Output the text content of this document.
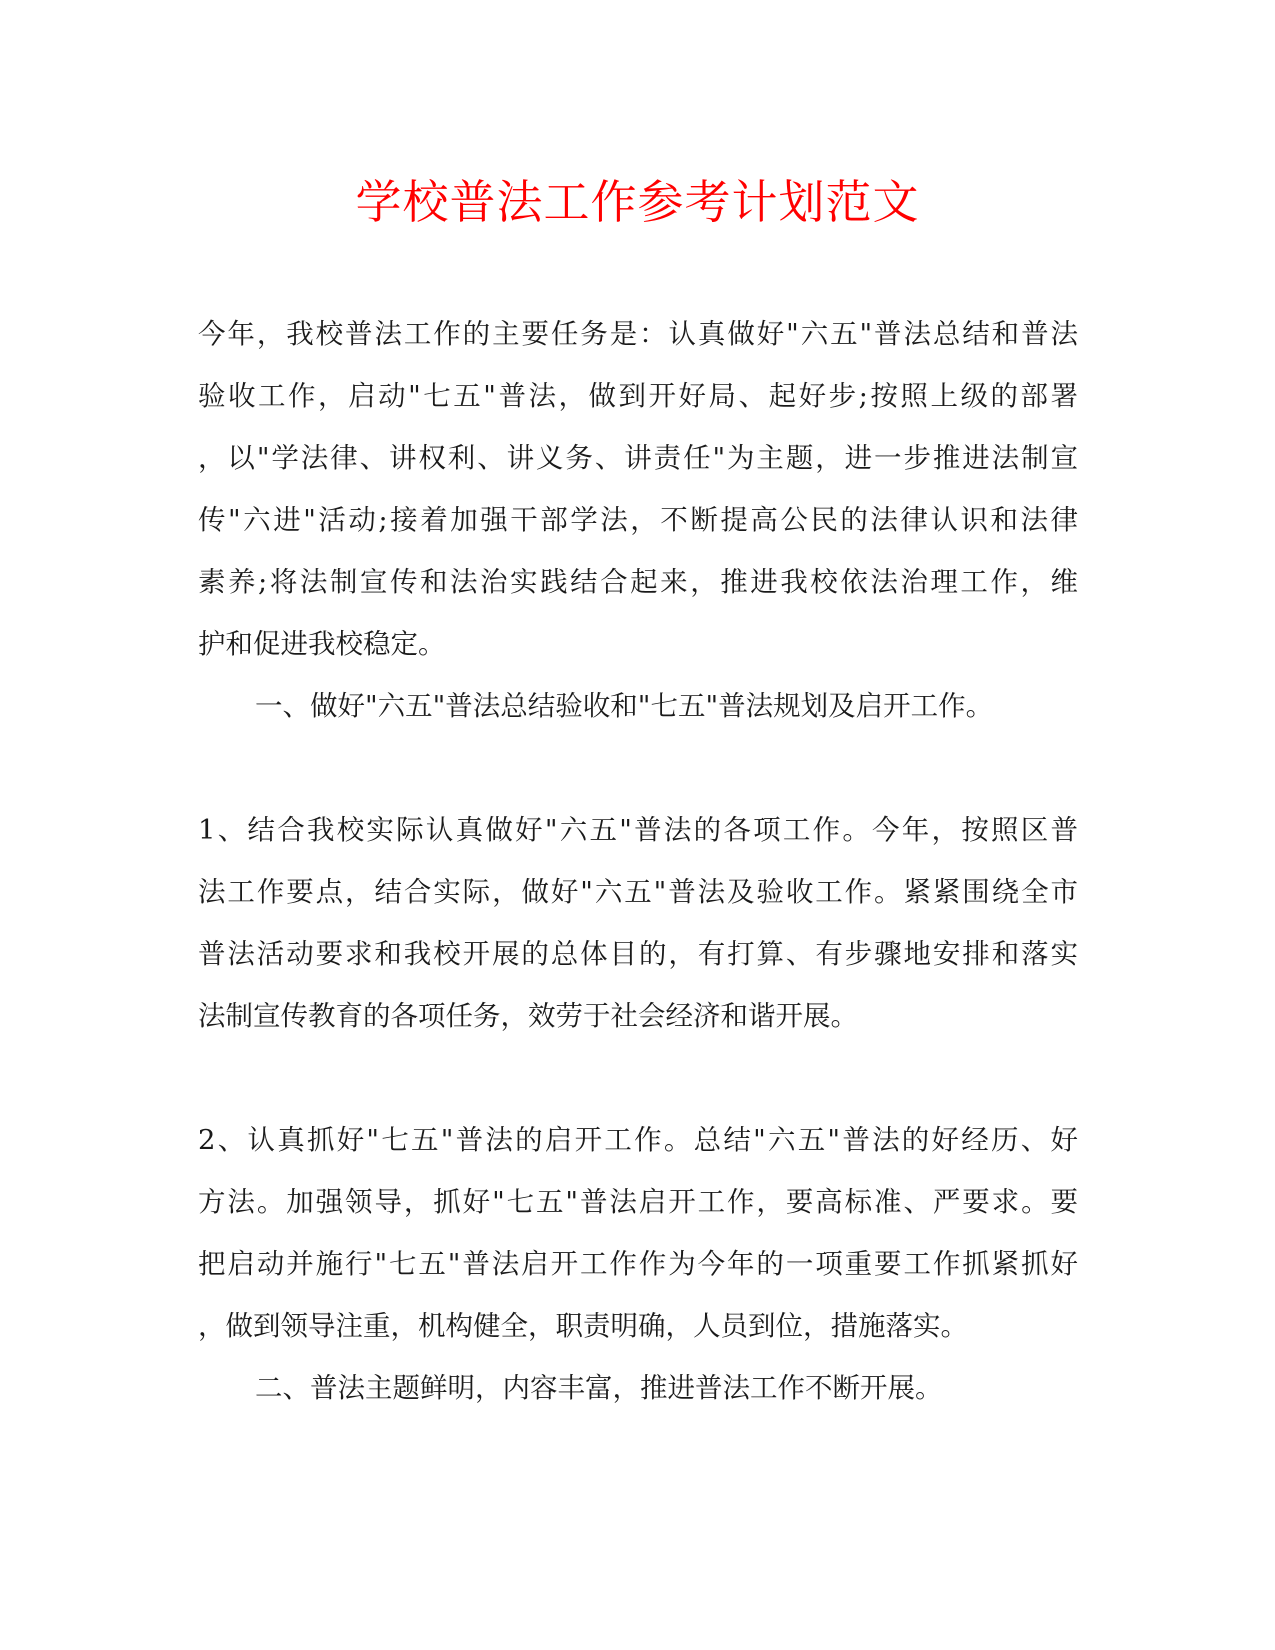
学校普法工作参考计划范文
今年，我校普法工作的主要任务是：认真做好"六五"普法总结和普法
验收工作，启动"七五"普法，做到开好局、起好步;按照上级的部署
，以"学法律、讲权利、讲义务、讲责任"为主题，进一步推进法制宣
传"六进"活动;接着加强干部学法，不断提高公民的法律认识和法律
素养;将法制宣传和法治实践结合起来，推进我校依法治理工作，维
护和促进我校稳定。
一、做好"六五"普法总结验收和"七五"普法规划及启开工作。
1、结合我校实际认真做好"六五"普法的各项工作。今年，按照区普
法工作要点，结合实际，做好"六五"普法及验收工作。紧紧围绕全市
普法活动要求和我校开展的总体目的，有打算、有步骤地安排和落实
法制宣传教育的各项任务，效劳于社会经济和谐开展。
2、认真抓好"七五"普法的启开工作。总结"六五"普法的好经历、好
方法。加强领导，抓好"七五"普法启开工作，要高标准、严要求。要
把启动并施行"七五"普法启开工作作为今年的一项重要工作抓紧抓好
，做到领导注重，机构健全，职责明确，人员到位，措施落实。
二、普法主题鲜明，内容丰富，推进普法工作不断开展。
